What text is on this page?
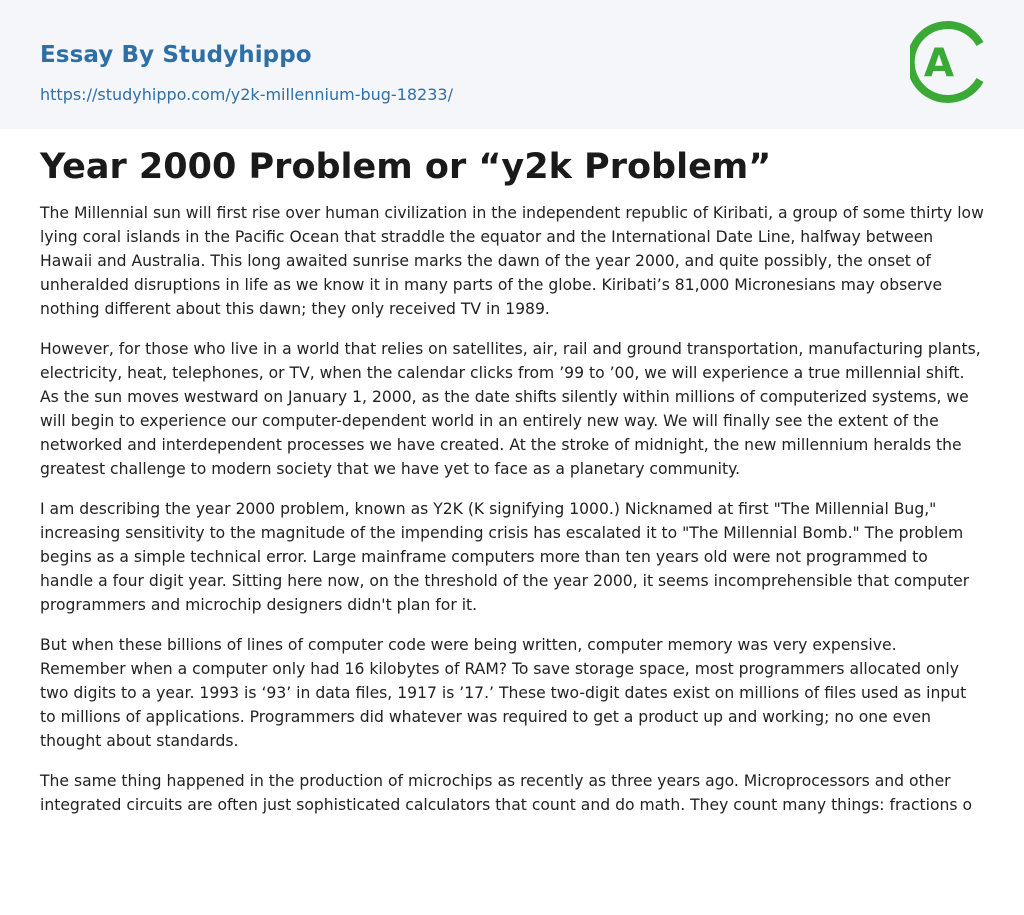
Essay By Studyhippo
https://studyhippo.com/y2k-millennium-bug-18233/
A
Year 2000 Problem or “y2k Problem”

The Millennial sun will first rise over human civilization in the independent republic of Kiribati, a group of some thirty low lying coral islands in the Pacific Ocean that straddle the equator and the International Date Line, halfway between Hawaii and Australia. This long awaited sunrise marks the dawn of the year 2000, and quite possibly, the onset of unheralded disruptions in life as we know it in many parts of the globe. Kiribati’s 81,000 Micronesians may observe nothing different about this dawn; they only received TV in 1989.

However, for those who live in a world that relies on satellites, air, rail and ground transportation, manufacturing plants, electricity, heat, telephones, or TV, when the calendar clicks from ’99 to ’00, we will experience a true millennial shift. As the sun moves westward on January 1, 2000, as the date shifts silently within millions of computerized systems, we will begin to experience our computer-dependent world in an entirely new way. We will finally see the extent of the networked and interdependent processes we have created. At the stroke of midnight, the new millennium heralds the greatest challenge to modern society that we have yet to face as a planetary community.

I am describing the year 2000 problem, known as Y2K (K signifying 1000.) Nicknamed at first "The Millennial Bug," increasing sensitivity to the magnitude of the impending crisis has escalated it to "The Millennial Bomb." The problem begins as a simple technical error. Large mainframe computers more than ten years old were not programmed to handle a four digit year. Sitting here now, on the threshold of the year 2000, it seems incomprehensible that computer programmers and microchip designers didn't plan for it.

But when these billions of lines of computer code were being written, computer memory was very expensive. Remember when a computer only had 16 kilobytes of RAM? To save storage space, most programmers allocated only two digits to a year. 1993 is ‘93’ in data files, 1917 is ’17.’ These two-digit dates exist on millions of files used as input to millions of applications. Programmers did whatever was required to get a product up and working; no one even thought about standards.

The same thing happened in the production of microchips as recently as three years ago. Microprocessors and other integrated circuits are often just sophisticated calculators that count and do math. They count many things: fractions o
